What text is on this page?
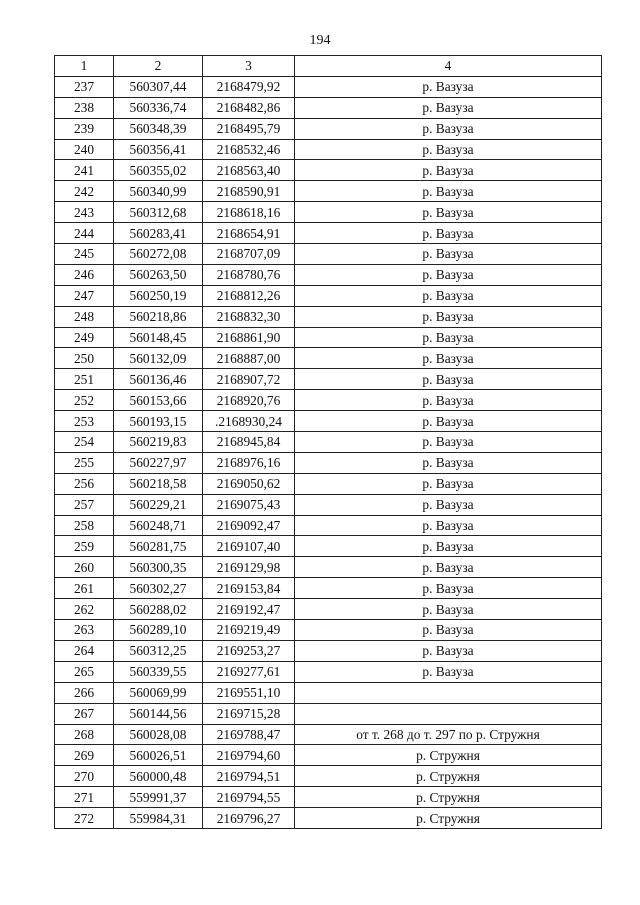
194
1	2	3	4
237	560307,44	2168479,92	р. Вазуза
238	560336,74	2168482,86	р. Вазуза
239	560348,39	2168495,79	р. Вазуза
240	560356,41	2168532,46	р. Вазуза
241	560355,02	2168563,40	р. Вазуза
242	560340,99	2168590,91	р. Вазуза
243	560312,68	2168618,16	р. Вазуза
244	560283,41	2168654,91	р. Вазуза
245	560272,08	2168707,09	р. Вазуза
246	560263,50	2168780,76	р. Вазуза
247	560250,19	2168812,26	р. Вазуза
248	560218,86	2168832,30	р. Вазуза
249	560148,45	2168861,90	р. Вазуза
250	560132,09	2168887,00	р. Вазуза
251	560136,46	2168907,72	р. Вазуза
252	560153,66	2168920,76	р. Вазуза
253	560193,15	.2168930,24	р. Вазуза
254	560219,83	2168945,84	р. Вазуза
255	560227,97	2168976,16	р. Вазуза
256	560218,58	2169050,62	р. Вазуза
257	560229,21	2169075,43	р. Вазуза
258	560248,71	2169092,47	р. Вазуза
259	560281,75	2169107,40	р. Вазуза
260	560300,35	2169129,98	р. Вазуза
261	560302,27	2169153,84	р. Вазуза
262	560288,02	2169192,47	р. Вазуза
263	560289,10	2169219,49	р. Вазуза
264	560312,25	2169253,27	р. Вазуза
265	560339,55	2169277,61	р. Вазуза
266	560069,99	2169551,10	
267	560144,56	2169715,28	
268	560028,08	2169788,47	от т. 268 до т. 297 по р. Стружня
269	560026,51	2169794,60	р. Стружня
270	560000,48	2169794,51	р. Стружня
271	559991,37	2169794,55	р. Стружня
272	559984,31	2169796,27	р. Стружня
